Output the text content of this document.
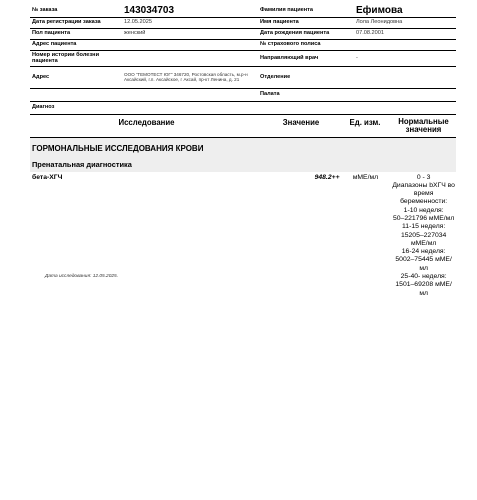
№ заказа	143034703	Фамилия пациента	Ефимова
Дата регистрации заказа	12.05.2025	Имя пациента	Лола Леонидовна
Пол пациента	женский	Дата рождения пациента	07.08.2001
Адрес пациента		№ страхового полиса	
Номер истории болезни пациента		Направляющий врач	-
Адрес	ООО "ГЕМОТЕСТ ЮГ" 346720, Ростовская область, м.р-н Аксайский, г.п. Аксайское, г Аксай, пр-кт Ленина, д. 21	Отделение	
		Палата	
Диагноз			
Исследование	Значение	Ед. изм.	Нормальные значения
ГОРМОНАЛЬНЫЕ ИССЛЕДОВАНИЯ КРОВИ
Пренатальная диагностика
бета-ХГЧ	948.2++	мМЕ/мл	0 - 3
Диапазоны bХГЧ во
время беременности:
1-10 неделя:
50–221796 мМЕ/мл
11-15 неделя:
15205–227034
мМЕ/мл
16-24 неделя:
5002–75445 мМЕ/мл
25-40- неделя:
1501–69208 мМЕ/мл
Дата исследования: 12.05.2025.
